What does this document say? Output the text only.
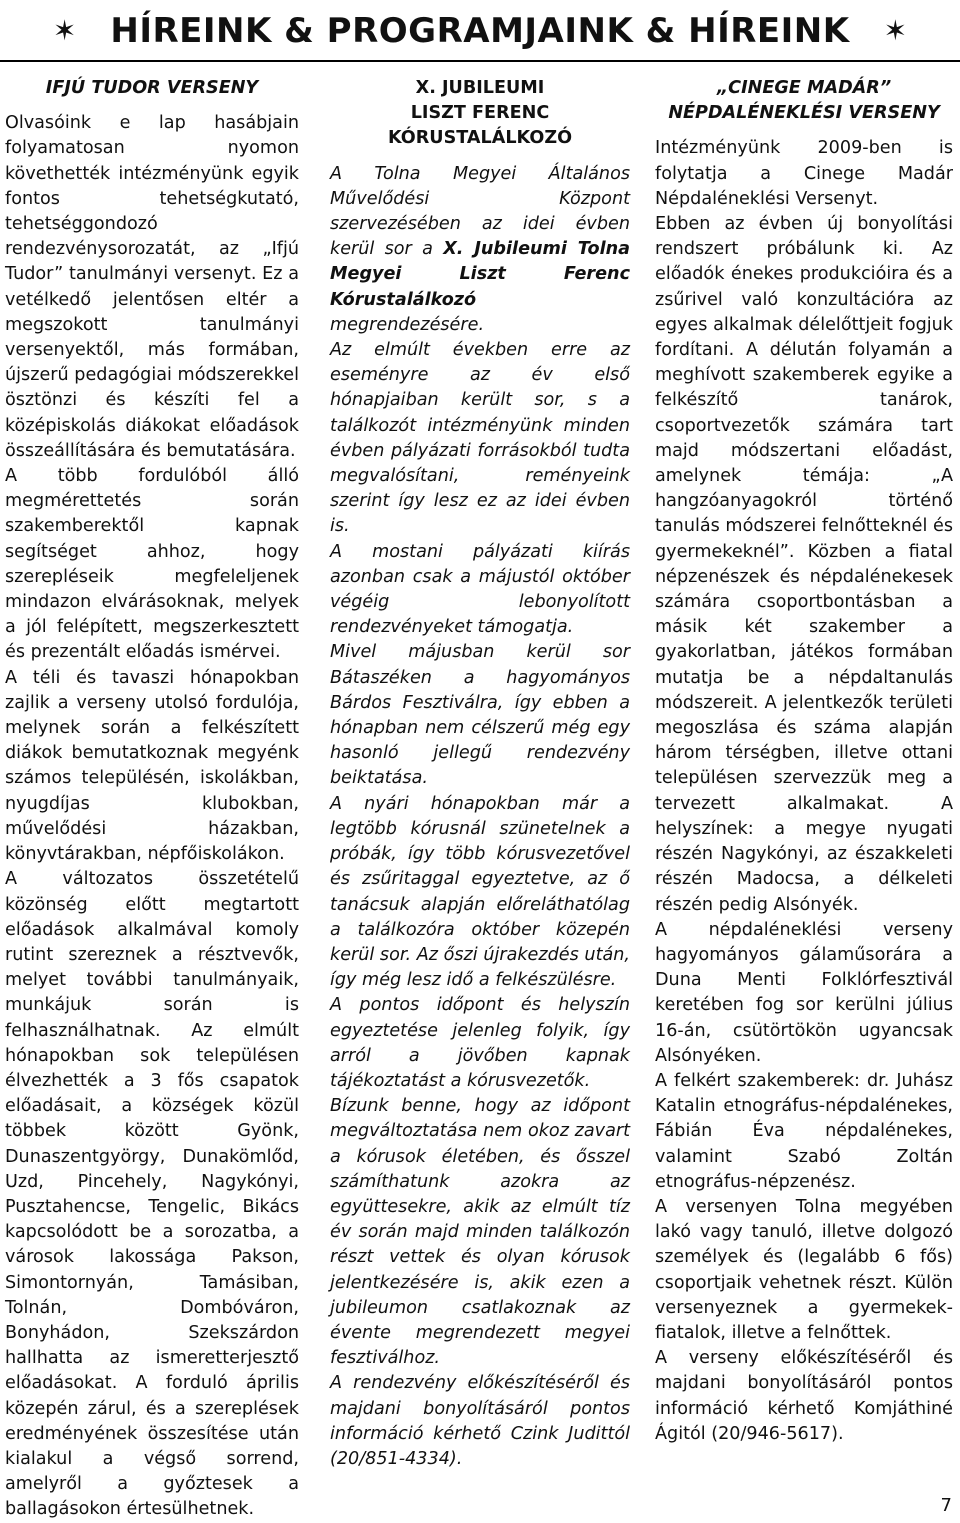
✶ HÍREINK & PROGRAMJAINK & HÍREINK ✶
IFJÚ TUDOR VERSENY

Olvasóink e lap hasábjain folyamatosan nyomon követhették intézményünk egyik fontos tehetségkutató, tehetséggondozó rendezvénysorozatát, az „Ifjú Tudor” tanulmányi versenyt. Ez a vetélkedő jelentősen eltér a megszokott tanulmányi versenyektől, más formában, újszerű pedagógiai módszerekkel ösztönzi és készíti fel a középiskolás diákokat előadások összeállítására és bemutatására.

A több fordulóból álló megmérettetés során szakemberektől kapnak segítséget ahhoz, hogy szerepléseik megfeleljenek mindazon elvárásoknak, melyek a jól felépített, megszerkesztett és prezentált előadás ismérvei.

A téli és tavaszi hónapokban zajlik a verseny utolsó fordulója, melynek során a felkészített diákok bemutatkoznak megyénk számos településén, iskolákban, nyugdíjas klubokban, művelődési házakban, könyvtárakban, népfőiskolákon.

A változatos összetételű közönség előtt megtartott előadások alkalmával komoly rutint szereznek a résztvevők, melyet további tanulmányaik, munkájuk során is felhasználhatnak. Az elmúlt hónapokban sok településen élvezhették a 3 fős csapatok előadásait, a községek közül többek között Gyönk, Dunaszentgyörgy, Dunakömlőd, Uzd, Pincehely, Nagykónyi, Pusztahencse, Tengelic, Bikács kapcsolódott be a sorozatba, a városok lakossága Pakson, Simontornyán, Tamásiban, Tolnán, Dombóváron, Bonyhádon, Szekszárdon hallhatta az ismeretterjesztő előadásokat. A forduló április közepén zárul, és a szereplések eredményének összesítése után kialakul a végső sorrend, amelyről a győztesek a ballagásokon értesülhetnek.

X. JUBILEUMI
LISZT FERENC
KÓRUSTALÁLKOZÓ

A Tolna Megyei Általános Művelődési Központ szervezésében az idei évben kerül sor a X. Jubileumi Tolna Megyei Liszt Ferenc Kórustalálkozó megrendezésére.

Az elmúlt években erre az eseményre az év első hónapjaiban került sor, s a találkozót intézményünk minden évben pályázati forrásokból tudta megvalósítani, reményeink szerint így lesz ez az idei évben is.

A mostani pályázati kiírás azonban csak a májustól október végéig lebonyolított rendezvényeket támogatja.

Mivel májusban kerül sor Bátaszéken a hagyományos Bárdos Fesztiválra, így ebben a hónapban nem célszerű még egy hasonló jellegű rendezvény beiktatása.

A nyári hónapokban már a legtöbb kórusnál szünetelnek a próbák, így több kórusvezetővel és zsűritaggal egyeztetve, az ő tanácsuk alapján előreláthatólag a találkozóra október közepén kerül sor. Az őszi újrakezdés után, így még lesz idő a felkészülésre.

A pontos időpont és helyszín egyeztetése jelenleg folyik, így arról a jövőben kapnak tájékoztatást a kórusvezetők.

Bízunk benne, hogy az időpont megváltoztatása nem okoz zavart a kórusok életében, és ősszel számíthatunk azokra az együttesekre, akik az elmúlt tíz év során majd minden találkozón részt vettek és olyan kórusok jelentkezésére is, akik ezen a jubileumon csatlakoznak az évente megrendezett megyei fesztiválhoz.

A rendezvény előkészítéséről és majdani bonyolításáról pontos információ kérhető Czink Judittól (20/851-4334).

„CINEGE MADÁR”
NÉPDALÉNEKLÉSI VERSENY

Intézményünk 2009-ben is folytatja a Cinege Madár Népdaléneklési Versenyt.

Ebben az évben új bonyolítási rendszert próbálunk ki. Az előadók énekes produkcióira és a zsűrivel való konzultációra az egyes alkalmak délelőttjeit fogjuk fordítani. A délután folyamán a meghívott szakemberek egyike a felkészítő tanárok, csoportvezetők számára tart majd módszertani előadást, amelynek témája: „A hangzóanyagokról történő tanulás módszerei felnőtteknél és gyermekeknél”. Közben a fiatal népzenészek és népdalénekesek számára csoportbontásban a másik két szakember a gyakorlatban, játékos formában mutatja be a népdaltanulás módszereit. A jelentkezők területi megoszlása és száma alapján három térségben, illetve ottani településen szervezzük meg a tervezett alkalmakat. A helyszínek: a megye nyugati részén Nagykónyi, az északkeleti részén Madocsa, a délkeleti részén pedig Alsónyék.

A népdaléneklési verseny hagyományos gálaműsorára a Duna Menti Folklórfesztivál keretében fog sor kerülni július 16-án, csütörtökön ugyancsak Alsónyéken.

A felkért szakemberek: dr. Juhász Katalin etnográfus-népdalénekes, Fábián Éva népdalénekes, valamint Szabó Zoltán etnográfus-népzenész.

A versenyen Tolna megyében lakó vagy tanuló, illetve dolgozó személyek és (legalább 6 fős) csoportjaik vehetnek részt. Külön versenyeznek a gyermekek-fiatalok, illetve a felnőttek.

A verseny előkészítéséről és majdani bonyolításáról pontos információ kérhető Komjáthiné Ágitól (20/946-5617).

7
